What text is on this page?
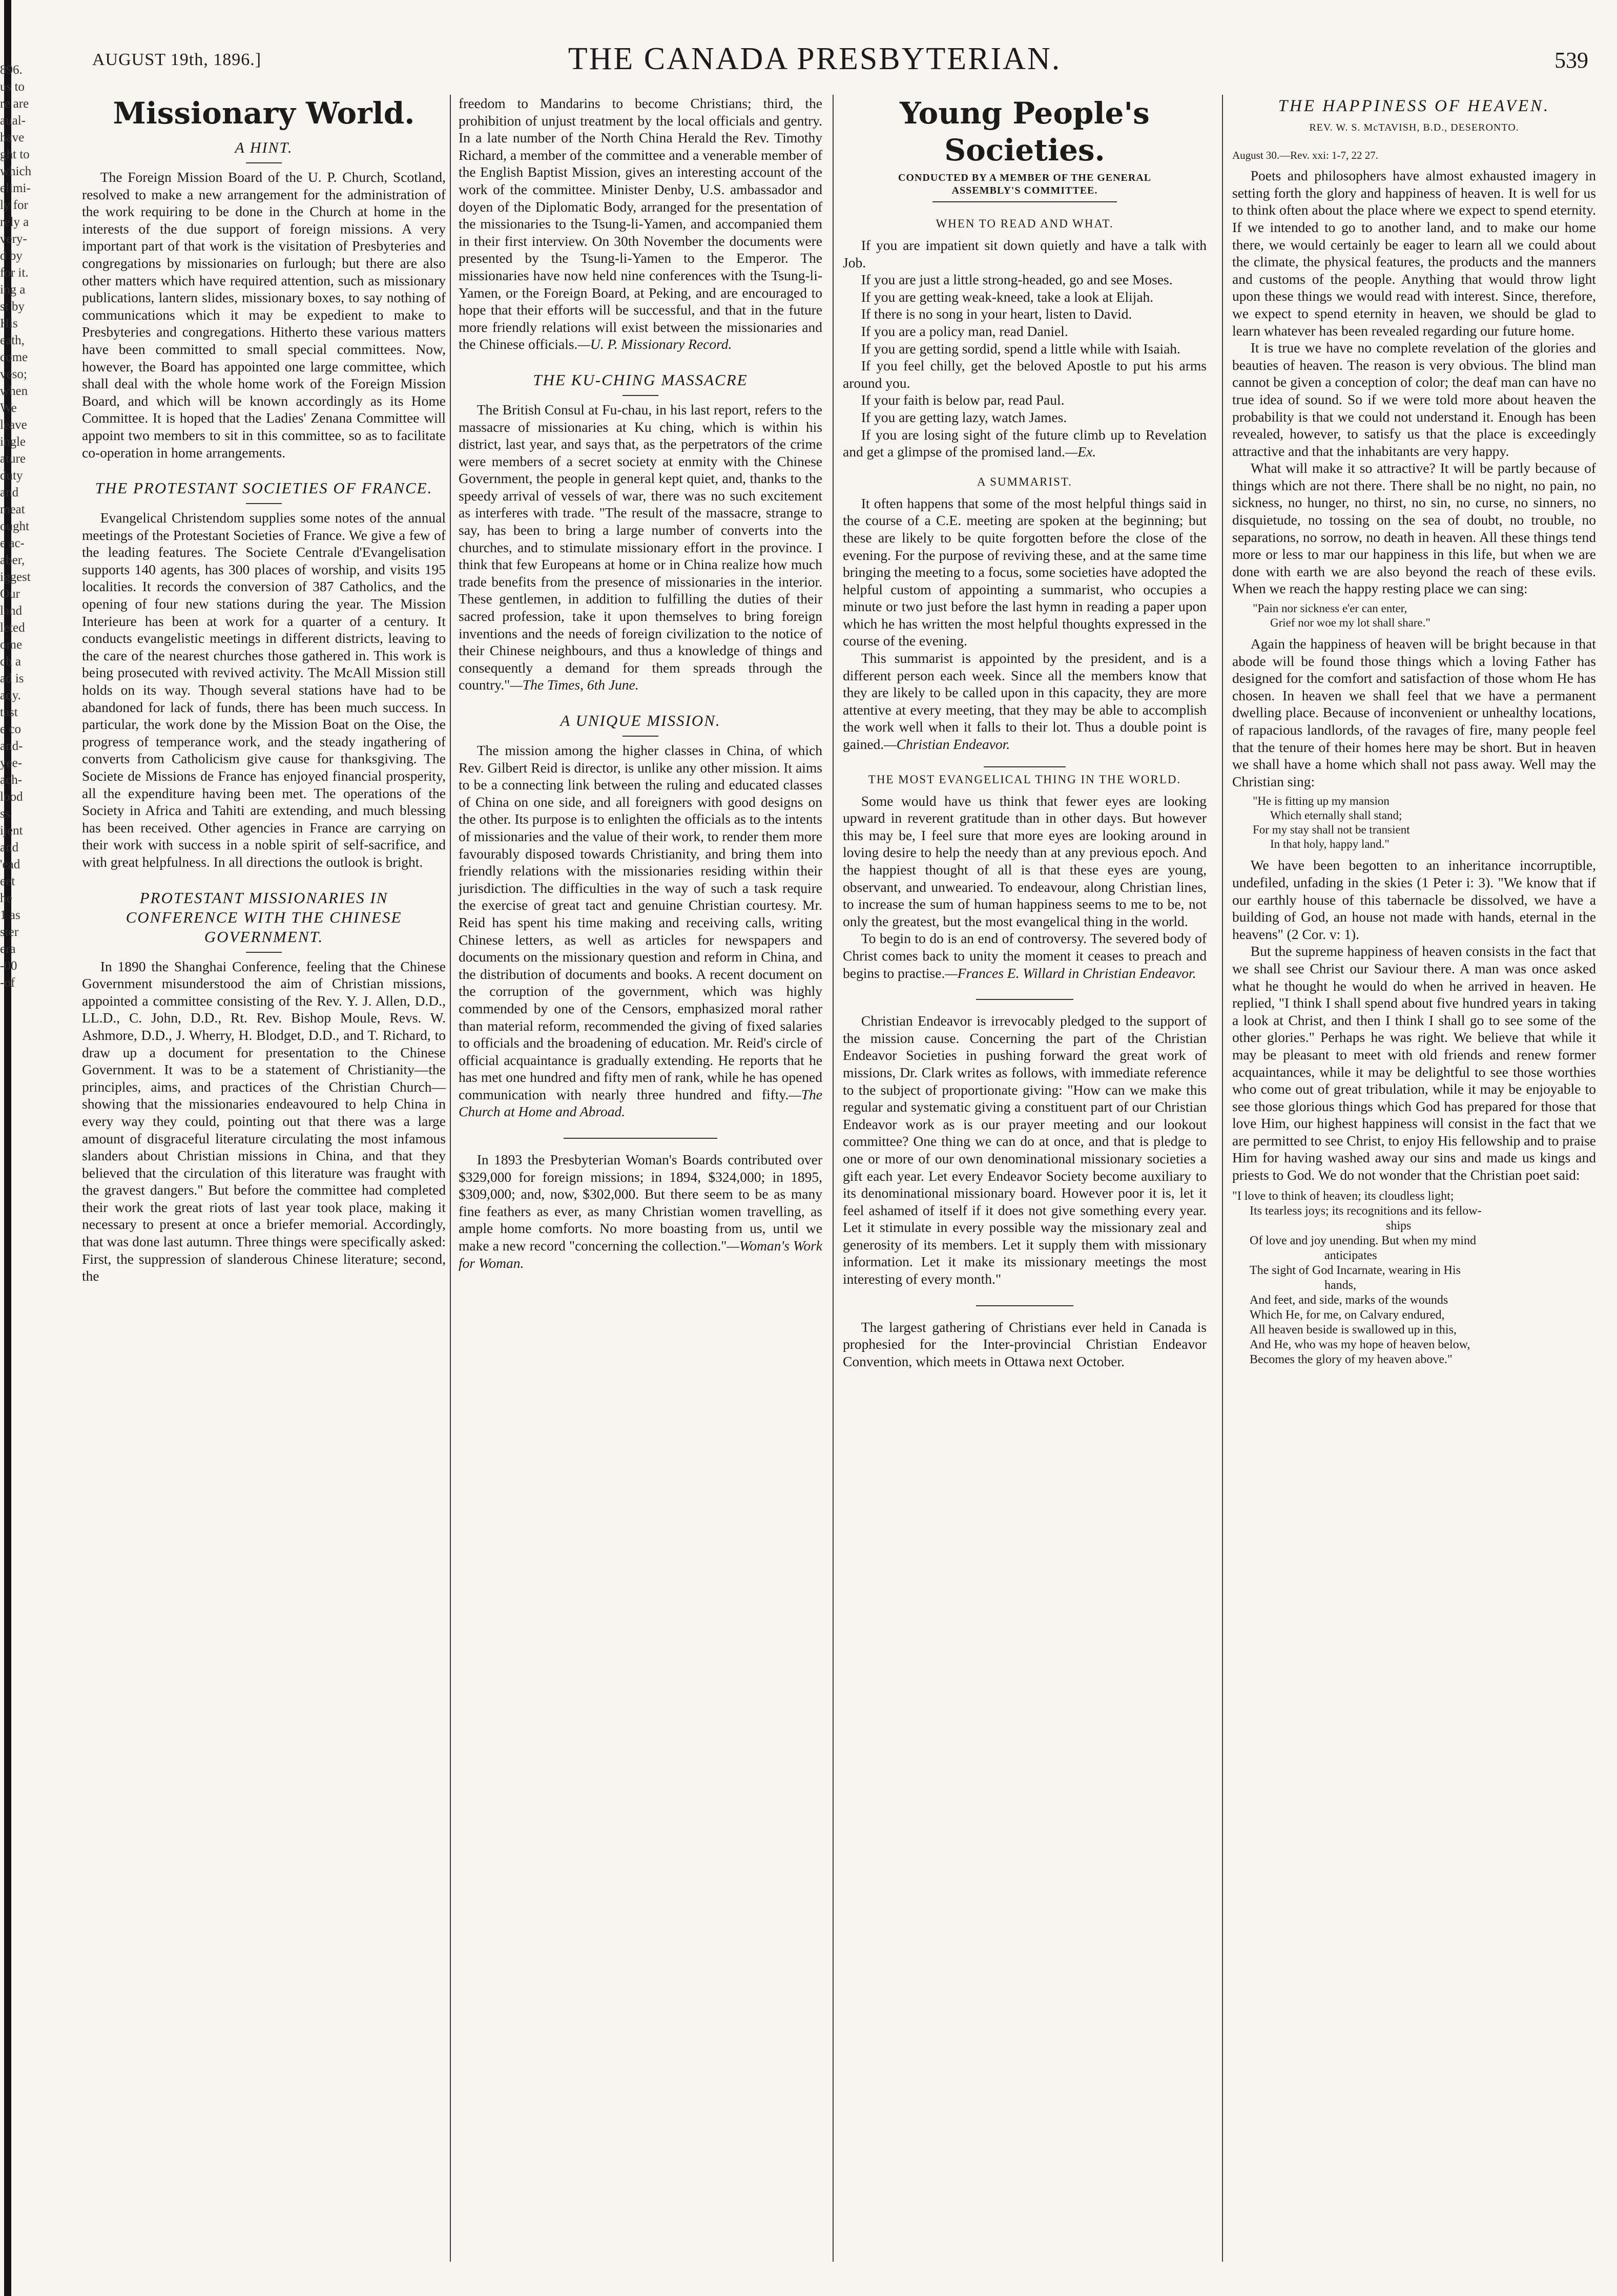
896.
us to
re are
aual-
have
ght to
which
elimi-
ly for
rely a
very-
d by
for it.
ing a
st by
His
eath,
come
veso;
when
We
leave
ingle
ature
duty
and
meat
ought
e ac-
aber,
iggest
Our
land
leted
ome
ch a
ad is
ady.
tast
e co
and-
yee-
ach-
lood
ss
ijent
and
'ead
eet
he
1 as
ster
era
-00
-of
AUGUST 19th, 1896.]	THE CANADA PRESBYTERIAN.	539
Missionary World.
A HINT.

The Foreign Mission Board of the U. P. Church, Scotland, resolved to make a new arrangement for the administration of the work requiring to be done in the Church at home in the interests of the due support of foreign missions. A very important part of that work is the visitation of Presbyteries and congregations by missionaries on furlough; but there are also other matters which have required attention, such as missionary publications, lantern slides, missionary boxes, to say nothing of communications which it may be expedient to make to Presbyteries and congregations. Hitherto these various matters have been committed to small special committees. Now, however, the Board has appointed one large committee, which shall deal with the whole home work of the Foreign Mission Board, and which will be known accordingly as its Home Committee. It is hoped that the Ladies' Zenana Committee will appoint two members to sit in this committee, so as to facilitate co-operation in home arrangements.

THE PROTESTANT SOCIETIES OF FRANCE.

Evangelical Christendom supplies some notes of the annual meetings of the Protestant Societies of France. We give a few of the leading features. The Societe Centrale d'Evangelisation supports 140 agents, has 300 places of worship, and visits 195 localities. It records the conversion of 387 Catholics, and the opening of four new stations during the year. The Mission Interieure has been at work for a quarter of a century. It conducts evangelistic meetings in different districts, leaving to the care of the nearest churches those gathered in. This work is being prosecuted with revived activity. The McAll Mission still holds on its way. Though several stations have had to be abandoned for lack of funds, there has been much success. In particular, the work done by the Mission Boat on the Oise, the progress of temperance work, and the steady ingathering of converts from Catholicism give cause for thanksgiving. The Societe de Missions de France has enjoyed financial prosperity, all the expenditure having been met. The operations of the Society in Africa and Tahiti are extending, and much blessing has been received. Other agencies in France are carrying on their work with success in a noble spirit of self-sacrifice, and with great helpfulness. In all directions the outlook is bright.

PROTESTANT MISSIONARIES IN CONFERENCE WITH THE CHINESE GOVERNMENT.

In 1890 the Shanghai Conference, feeling that the Chinese Government misunderstood the aim of Christian missions, appointed a committee consisting of the Rev. Y. J. Allen, D.D., LL.D., C. John, D.D., Rt. Rev. Bishop Moule, Revs. W. Ashmore, D.D., J. Wherry, H. Blodget, D.D., and T. Richard, to draw up a document for presentation to the Chinese Government. It was to be a statement of Christianity—the principles, aims, and practices of the Christian Church—showing that the missionaries endeavoured to help China in every way they could, pointing out that there was a large amount of disgraceful literature circulating the most infamous slanders about Christian missions in China, and that they believed that the circulation of this literature was fraught with the gravest dangers." But before the committee had completed their work the great riots of last year took place, making it necessary to present at once a briefer memorial. Accordingly, that was done last autumn. Three things were specifically asked: First, the suppression of slanderous Chinese literature; second, the

freedom to Mandarins to become Christians; third, the prohibition of unjust treatment by the local officials and gentry. In a late number of the North China Herald the Rev. Timothy Richard, a member of the committee and a venerable member of the English Baptist Mission, gives an interesting account of the work of the committee. Minister Denby, U.S. ambassador and doyen of the Diplomatic Body, arranged for the presentation of the missionaries to the Tsung-li-Yamen, and accompanied them in their first interview. On 30th November the documents were presented by the Tsung-li-Yamen to the Emperor. The missionaries have now held nine conferences with the Tsung-li-Yamen, or the Foreign Board, at Peking, and are encouraged to hope that their efforts will be successful, and that in the future more friendly relations will exist between the missionaries and the Chinese officials.—U. P. Missionary Record.

THE KU-CHING MASSACRE

The British Consul at Fu-chau, in his last report, refers to the massacre of missionaries at Ku ching, which is within his district, last year, and says that, as the perpetrators of the crime were members of a secret society at enmity with the Chinese Government, the people in general kept quiet, and, thanks to the speedy arrival of vessels of war, there was no such excitement as interferes with trade. "The result of the massacre, strange to say, has been to bring a large number of converts into the churches, and to stimulate missionary effort in the province. I think that few Europeans at home or in China realize how much trade benefits from the presence of missionaries in the interior. These gentlemen, in addition to fulfilling the duties of their sacred profession, take it upon themselves to bring foreign inventions and the needs of foreign civilization to the notice of their Chinese neighbours, and thus a knowledge of things and consequently a demand for them spreads through the country."—The Times, 6th June.

A UNIQUE MISSION.

The mission among the higher classes in China, of which Rev. Gilbert Reid is director, is unlike any other mission. It aims to be a connecting link between the ruling and educated classes of China on one side, and all foreigners with good designs on the other. Its purpose is to enlighten the officials as to the intents of missionaries and the value of their work, to render them more favourably disposed towards Christianity, and bring them into friendly relations with the missionaries residing within their jurisdiction. The difficulties in the way of such a task require the exercise of great tact and genuine Christian courtesy. Mr. Reid has spent his time making and receiving calls, writing Chinese letters, as well as articles for newspapers and documents on the missionary question and reform in China, and the distribution of documents and books. A recent document on the corruption of the government, which was highly commended by one of the Censors, emphasized moral rather than material reform, recommended the giving of fixed salaries to officials and the broadening of education. Mr. Reid's circle of official acquaintance is gradually extending. He reports that he has met one hundred and fifty men of rank, while he has opened communication with nearly three hundred and fifty.—The Church at Home and Abroad.

In 1893 the Presbyterian Woman's Boards contributed over $329,000 for foreign missions; in 1894, $324,000; in 1895, $309,000; and, now, $302,000. But there seem to be as many fine feathers as ever, as many Christian women travelling, as ample home comforts. No more boasting from us, until we make a new record "concerning the collection."—Woman's Work for Woman.

Young People's Societies.
CONDUCTED BY A MEMBER OF THE GENERAL ASSEMBLY'S COMMITTEE.
WHEN TO READ AND WHAT.

If you are impatient sit down quietly and have a talk with Job.

If you are just a little strong-headed, go and see Moses.

If you are getting weak-kneed, take a look at Elijah.

If there is no song in your heart, listen to David.

If you are a policy man, read Daniel.

If you are getting sordid, spend a little while with Isaiah.

If you feel chilly, get the beloved Apostle to put his arms around you.

If your faith is below par, read Paul.

If you are getting lazy, watch James.

If you are losing sight of the future climb up to Revelation and get a glimpse of the promised land.—Ex.

A SUMMARIST.

It often happens that some of the most helpful things said in the course of a C.E. meeting are spoken at the beginning; but these are likely to be quite forgotten before the close of the evening. For the purpose of reviving these, and at the same time bringing the meeting to a focus, some societies have adopted the helpful custom of appointing a summarist, who occupies a minute or two just before the last hymn in reading a paper upon which he has written the most helpful thoughts expressed in the course of the evening.

This summarist is appointed by the president, and is a different person each week. Since all the members know that they are likely to be called upon in this capacity, they are more attentive at every meeting, that they may be able to accomplish the work well when it falls to their lot. Thus a double point is gained.—Christian Endeavor.

THE MOST EVANGELICAL THING IN THE WORLD.

Some would have us think that fewer eyes are looking upward in reverent gratitude than in other days. But however this may be, I feel sure that more eyes are looking around in loving desire to help the needy than at any previous epoch. And the happiest thought of all is that these eyes are young, observant, and unwearied. To endeavour, along Christian lines, to increase the sum of human happiness seems to me to be, not only the greatest, but the most evangelical thing in the world.

To begin to do is an end of controversy. The severed body of Christ comes back to unity the moment it ceases to preach and begins to practise.—Frances E. Willard in Christian Endeavor.

Christian Endeavor is irrevocably pledged to the support of the mission cause. Concerning the part of the Christian Endeavor Societies in pushing forward the great work of missions, Dr. Clark writes as follows, with immediate reference to the subject of proportionate giving: "How can we make this regular and systematic giving a constituent part of our Christian Endeavor work as is our prayer meeting and our lookout committee? One thing we can do at once, and that is pledge to one or more of our own denominational missionary societies a gift each year. Let every Endeavor Society become auxiliary to its denominational missionary board. However poor it is, let it feel ashamed of itself if it does not give something every year. Let it stimulate in every possible way the missionary zeal and generosity of its members. Let it supply them with missionary information. Let it make its missionary meetings the most interesting of every month."

The largest gathering of Christians ever held in Canada is prophesied for the Inter-provincial Christian Endeavor Convention, which meets in Ottawa next October.

THE HAPPINESS OF HEAVEN.
REV. W. S. McTAVISH, B.D., DESERONTO.
August 30.—Rev. xxi: 1-7, 22 27.

Poets and philosophers have almost exhausted imagery in setting forth the glory and happiness of heaven. It is well for us to think often about the place where we expect to spend eternity. If we intended to go to another land, and to make our home there, we would certainly be eager to learn all we could about the climate, the physical features, the products and the manners and customs of the people. Anything that would throw light upon these things we would read with interest. Since, therefore, we expect to spend eternity in heaven, we should be glad to learn whatever has been revealed regarding our future home.

It is true we have no complete revelation of the glories and beauties of heaven. The reason is very obvious. The blind man cannot be given a conception of color; the deaf man can have no true idea of sound. So if we were told more about heaven the probability is that we could not understand it. Enough has been revealed, however, to satisfy us that the place is exceedingly attractive and that the inhabitants are very happy.

What will make it so attractive? It will be partly because of things which are not there. There shall be no night, no pain, no sickness, no hunger, no thirst, no sin, no curse, no sinners, no disquietude, no tossing on the sea of doubt, no trouble, no separations, no sorrow, no death in heaven. All these things tend more or less to mar our happiness in this life, but when we are done with earth we are also beyond the reach of these evils. When we reach the happy resting place we can sing:

"Pain nor sickness e'er can enter,
Grief nor woe my lot shall share."

Again the happiness of heaven will be bright because in that abode will be found those things which a loving Father has designed for the comfort and satisfaction of those whom He has chosen. In heaven we shall feel that we have a permanent dwelling place. Because of inconvenient or unhealthy locations, of rapacious landlords, of the ravages of fire, many people feel that the tenure of their homes here may be short. But in heaven we shall have a home which shall not pass away. Well may the Christian sing:

"He is fitting up my mansion
Which eternally shall stand;
For my stay shall not be transient
In that holy, happy land."

We have been begotten to an inheritance incorruptible, undefiled, unfading in the skies (1 Peter i: 3). "We know that if our earthly house of this tabernacle be dissolved, we have a building of God, an house not made with hands, eternal in the heavens" (2 Cor. v: 1).

But the supreme happiness of heaven consists in the fact that we shall see Christ our Saviour there. A man was once asked what he thought he would do when he arrived in heaven. He replied, "I think I shall spend about five hundred years in taking a look at Christ, and then I think I shall go to see some of the other glories." Perhaps he was right. We believe that while it may be pleasant to meet with old friends and renew former acquaintances, while it may be delightful to see those worthies who come out of great tribulation, while it may be enjoyable to see those glorious things which God has prepared for those that love Him, our highest happiness will consist in the fact that we are permitted to see Christ, to enjoy His fellowship and to praise Him for having washed away our sins and made us kings and priests to God. We do not wonder that the Christian poet said:

"I love to think of heaven; its cloudless light;
Its tearless joys; its recognitions and its fellow-
ships
Of love and joy unending. But when my mind
anticipates
The sight of God Incarnate, wearing in His
hands,
And feet, and side, marks of the wounds
Which He, for me, on Calvary endured,
All heaven beside is swallowed up in this,
And He, who was my hope of heaven below,
Becomes the glory of my heaven above."
